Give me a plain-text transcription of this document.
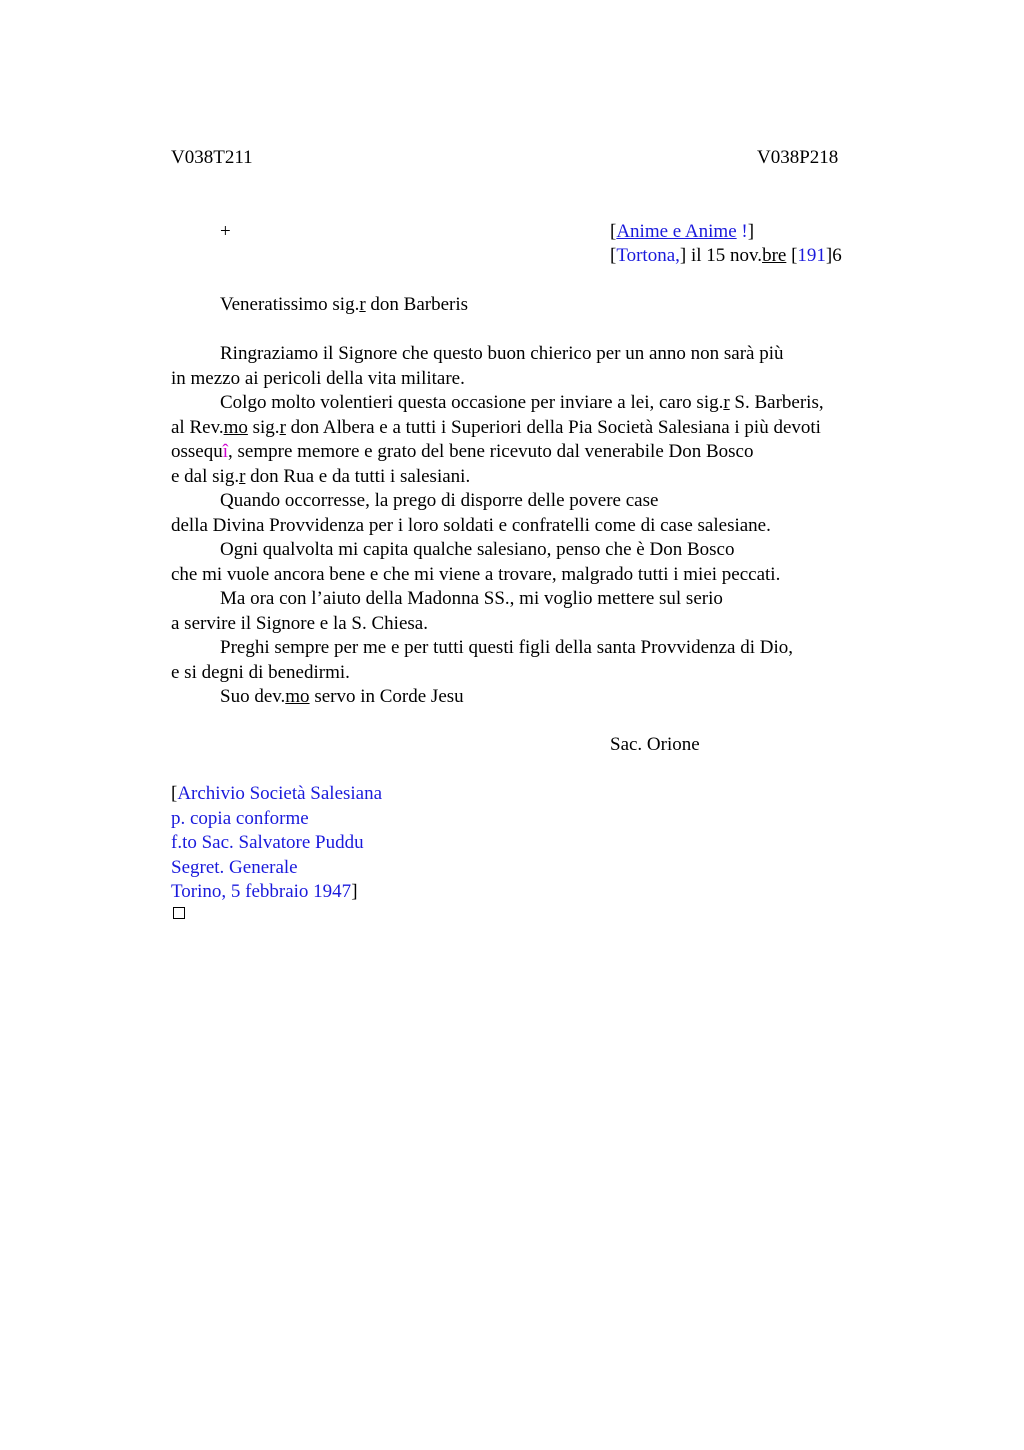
V038T211	V038P218
+	[Anime e Anime !]
[Tortona,] il 15 nov.bre [191]6
Veneratissimo sig.r don Barberis
Ringraziamo il Signore che questo buon chierico per un anno non sarà più
in mezzo ai pericoli della vita militare.
Colgo molto volentieri questa occasione per inviare a lei, caro sig.r S. Barberis,
al Rev.mo sig.r don Albera e a tutti i Superiori della Pia Società Salesiana i più devoti
ossequî, sempre memore e grato del bene ricevuto dal venerabile Don Bosco
e dal sig.r don Rua e da tutti i salesiani.
Quando occorresse, la prego di disporre delle povere case
della Divina Provvidenza per i loro soldati e confratelli come di case salesiane.
Ogni qualvolta mi capita qualche salesiano, penso che è Don Bosco
che mi vuole ancora bene e che mi viene a trovare, malgrado tutti i miei peccati.
Ma ora con l’aiuto della Madonna SS., mi voglio mettere sul serio
a servire il Signore e la S. Chiesa.
Preghi sempre per me e per tutti questi figli della santa Provvidenza di Dio,
e si degni di benedirmi.
Suo dev.mo servo in Corde Jesu
Sac. Orione
[Archivio Società Salesiana
p. copia conforme
f.to Sac. Salvatore Puddu
Segret. Generale
Torino, 5 febbraio 1947]
